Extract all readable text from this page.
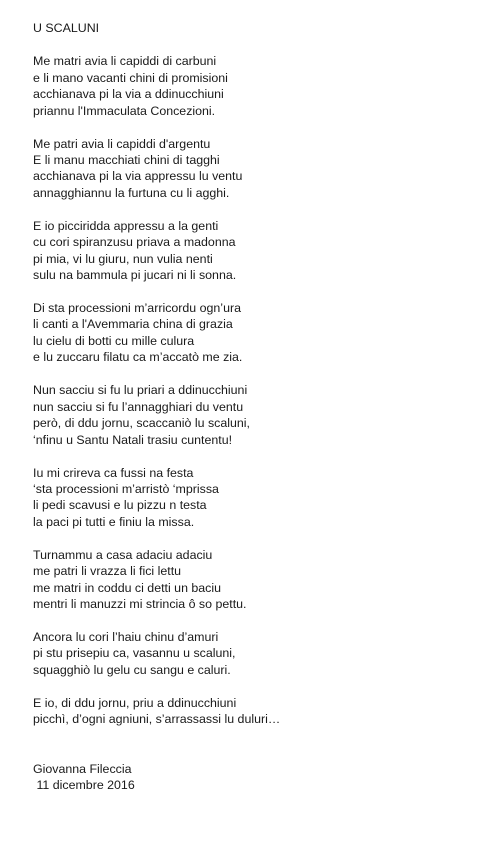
U SCALUNI
Me matri avia li capiddi di carbuni
e li mano vacanti chini di promisioni
acchianava pi la via a ddinucchiuni
priannu l'Immaculata Concezioni.
Me patri avia li capiddi d'argentu
E li manu macchiati chini di tagghi
acchianava pi la via appressu lu ventu
annagghiannu la furtuna cu li agghi.
E io picciridda appressu a la genti
cu cori spiranzusu priava a madonna
pi mia, vi lu giuru, nun vulia nenti
sulu na bammula pi jucari ni li sonna.
Di sta processioni m’arricordu ogn’ura
li canti a l'Avemmaria china di grazia
lu cielu di botti cu mille culura
e lu zuccaru filatu ca m’accatò me zia.
Nun sacciu si fu lu priari a ddinucchiuni
nun sacciu si fu l’annagghiari du ventu
però, di ddu jornu, scaccaniò lu scaluni,
‘nfinu u Santu Natali trasiu cuntentu!
Iu mi crireva ca fussi na festa
‘sta processioni m’arristò ‘mprissa
li pedi scavusi e lu pizzu n testa
la paci pi tutti e finiu la missa.
Turnammu a casa adaciu adaciu
me patri li vrazza li fici lettu
me matri in coddu ci detti un baciu
mentri li manuzzi mi strincia ô so pettu.
Ancora lu cori l’haiu chinu d’amuri
pi stu prisepiu ca, vasannu u scaluni,
squagghiò lu gelu cu sangu e caluri.
E io, di ddu jornu, priu a ddinucchiuni
picchì, d’ogni agniuni, s’arrassassi lu duluri…
Giovanna Fileccia
11 dicembre 2016
